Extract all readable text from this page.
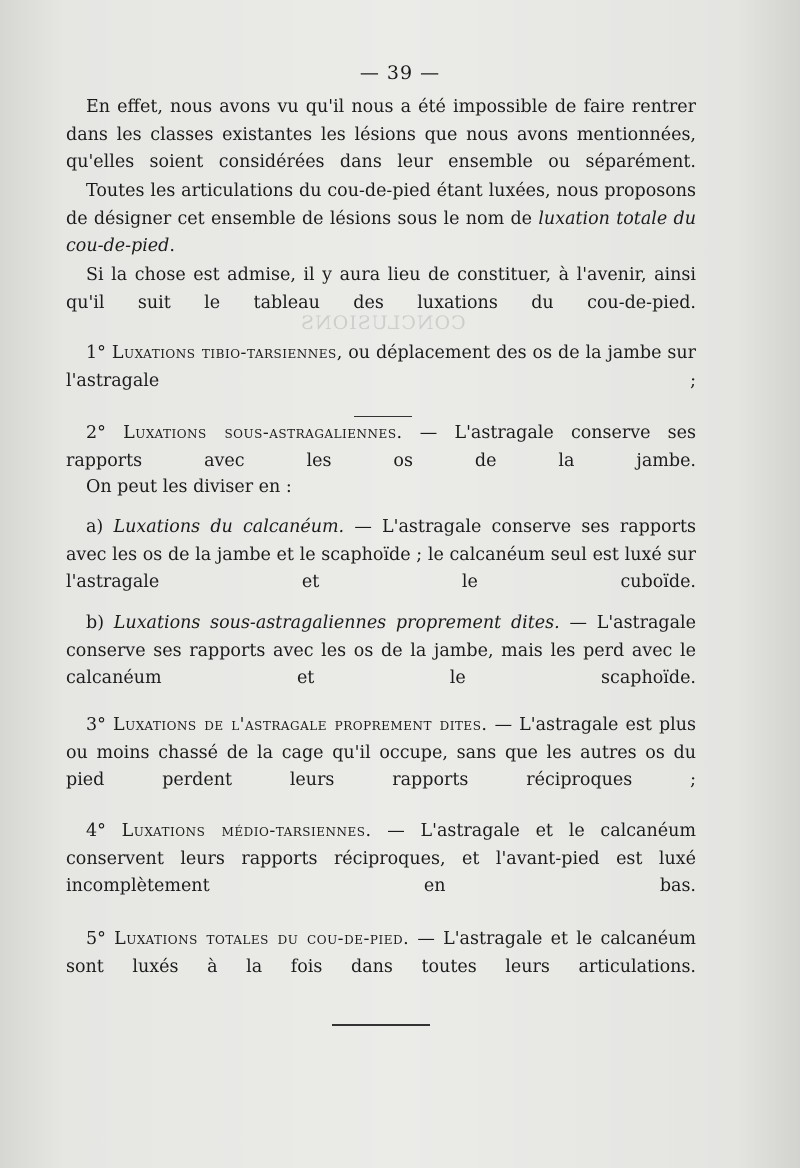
CONCLUSIONS
— 39 —
En effet, nous avons vu qu'il nous a été impossible de faire rentrer dans les classes existantes les lésions que nous avons mentionnées, qu'elles soient considérées dans leur ensemble ou séparément.
Toutes les articulations du cou-de-pied étant luxées, nous proposons de désigner cet ensemble de lésions sous le nom de luxation totale du cou-de-pied.
Si la chose est admise, il y aura lieu de constituer, à l'avenir, ainsi qu'il suit le tableau des luxations du cou-de-pied.
1° Luxations tibio-tarsiennes, ou déplacement des os de la jambe sur l'astragale ;
2° Luxations sous-astragaliennes. — L'astragale conserve ses rapports avec les os de la jambe.
On peut les diviser en :
a) Luxations du calcanéum. — L'astragale conserve ses rapports avec les os de la jambe et le scaphoïde ; le calcanéum seul est luxé sur l'astragale et le cuboïde.
b) Luxations sous-astragaliennes proprement dites. — L'astragale conserve ses rapports avec les os de la jambe, mais les perd avec le calcanéum et le scaphoïde.
3° Luxations de l'astragale proprement dites. — L'astragale est plus ou moins chassé de la cage qu'il occupe, sans que les autres os du pied perdent leurs rapports réciproques ;
4° Luxations médio-tarsiennes. — L'astragale et le calcanéum conservent leurs rapports réciproques, et l'avant-pied est luxé incomplètement en bas.
5° Luxations totales du cou-de-pied. — L'astragale et le calcanéum sont luxés à la fois dans toutes leurs articulations.
